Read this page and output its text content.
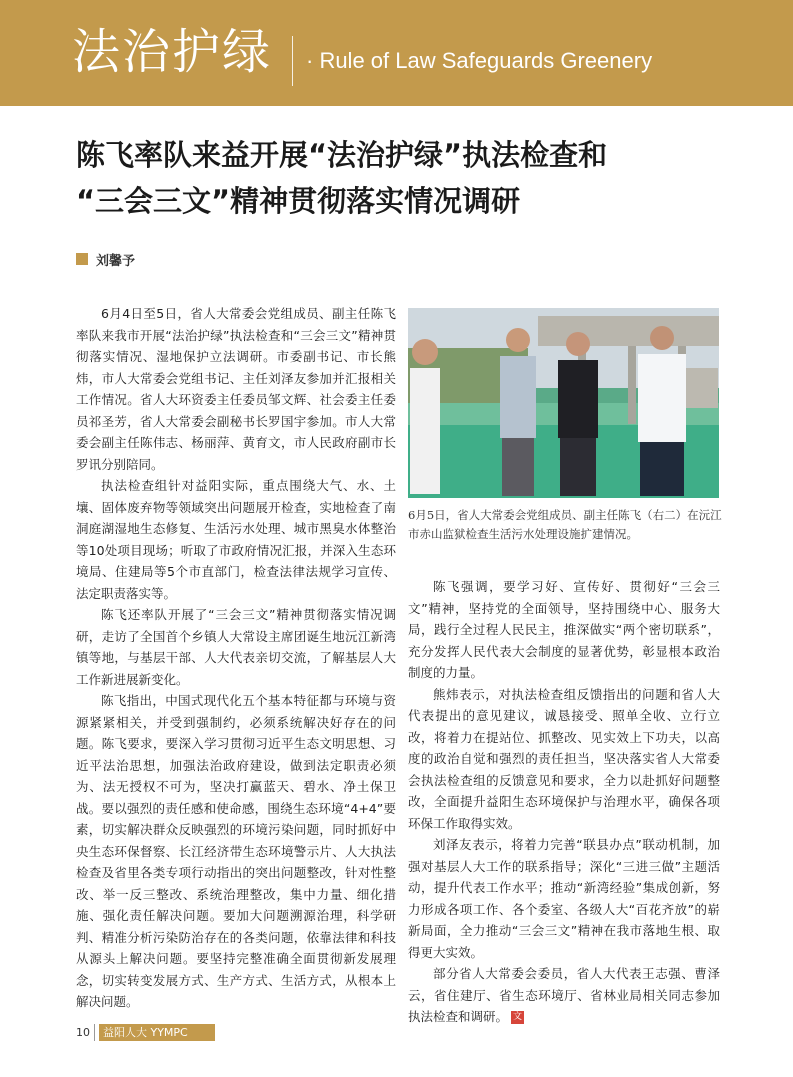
法治护绿 · Rule of Law Safeguards Greenery
陈飞率队来益开展“法治护绿”执法检查和
“三会三文”精神贯彻落实情况调研
刘馨予

6月4日至5日，省人大常委会党组成员、副主任陈飞率队来我市开展“法治护绿”执法检查和“三会三文”精神贯彻落实情况、湿地保护立法调研。市委副书记、市长熊炜，市人大常委会党组书记、主任刘泽友参加并汇报相关工作情况。省人大环资委主任委员邹文辉、社会委主任委员祁圣芳，省人大常委会副秘书长罗国宇参加。市人大常委会副主任陈伟志、杨丽萍、黄育文，市人民政府副市长罗讯分别陪同。

执法检查组针对益阳实际，重点围绕大气、水、土壤、固体废弃物等领域突出问题展开检查，实地检查了南洞庭湖湿地生态修复、生活污水处理、城市黑臭水体整治等10处项目现场；听取了市政府情况汇报，并深入生态环境局、住建局等5个市直部门，检查法律法规学习宣传、法定职责落实等。

陈飞还率队开展了“三会三文”精神贯彻落实情况调研，走访了全国首个乡镇人大常设主席团诞生地沅江新湾镇等地，与基层干部、人大代表亲切交流，了解基层人大工作新进展新变化。

陈飞指出，中国式现代化五个基本特征都与环境与资源紧紧相关，并受到强制约，必须系统解决好存在的问题。陈飞要求，要深入学习贯彻习近平生态文明思想、习近平法治思想，加强法治政府建设，做到法定职责必须为、法无授权不可为，坚决打赢蓝天、碧水、净土保卫战。要以强烈的责任感和使命感，围绕生态环境“4+4”要素，切实解决群众反映强烈的环境污染问题，同时抓好中央生态环保督察、长江经济带生态环境警示片、人大执法检查及省里各类专项行动指出的突出问题整改，针对性整改、举一反三整改、系统治理整改，集中力量、细化措施、强化责任解决问题。要加大问题溯源治理，科学研判、精准分析污染防治存在的各类问题，依靠法律和科技从源头上解决问题。要坚持完整准确全面贯彻新发展理念，切实转变发展方式、生产方式、生活方式，从根本上解决问题。

6月5日，省人大常委会党组成员、副主任陈飞（右二）在沅江市赤山监狱检查生活污水处理设施扩建情况。

陈飞强调，要学习好、宣传好、贯彻好“三会三文”精神，坚持党的全面领导，坚持围绕中心、服务大局，践行全过程人民民主，推深做实“两个密切联系”，充分发挥人民代表大会制度的显著优势，彰显根本政治制度的力量。

熊炜表示，对执法检查组反馈指出的问题和省人大代表提出的意见建议，诚恳接受、照单全收、立行立改，将着力在提站位、抓整改、见实效上下功夫，以高度的政治自觉和强烈的责任担当，坚决落实省人大常委会执法检查组的反馈意见和要求，全力以赴抓好问题整改，全面提升益阳生态环境保护与治理水平，确保各项环保工作取得实效。

刘泽友表示，将着力完善“联县办点”联动机制，加强对基层人大工作的联系指导；深化“三进三做”主题活动，提升代表工作水平；推动“新湾经验”集成创新，努力形成各项工作、各个委室、各级人大“百花齐放”的崭新局面，全力推动“三会三文”精神在我市落地生根、取得更大实效。

部分省人大常委会委员，省人大代表王志强、曹泽云，省住建厅、省生态环境厅、省林业局相关同志参加执法检查和调研。 文

10	益阳人大 YYMPC
